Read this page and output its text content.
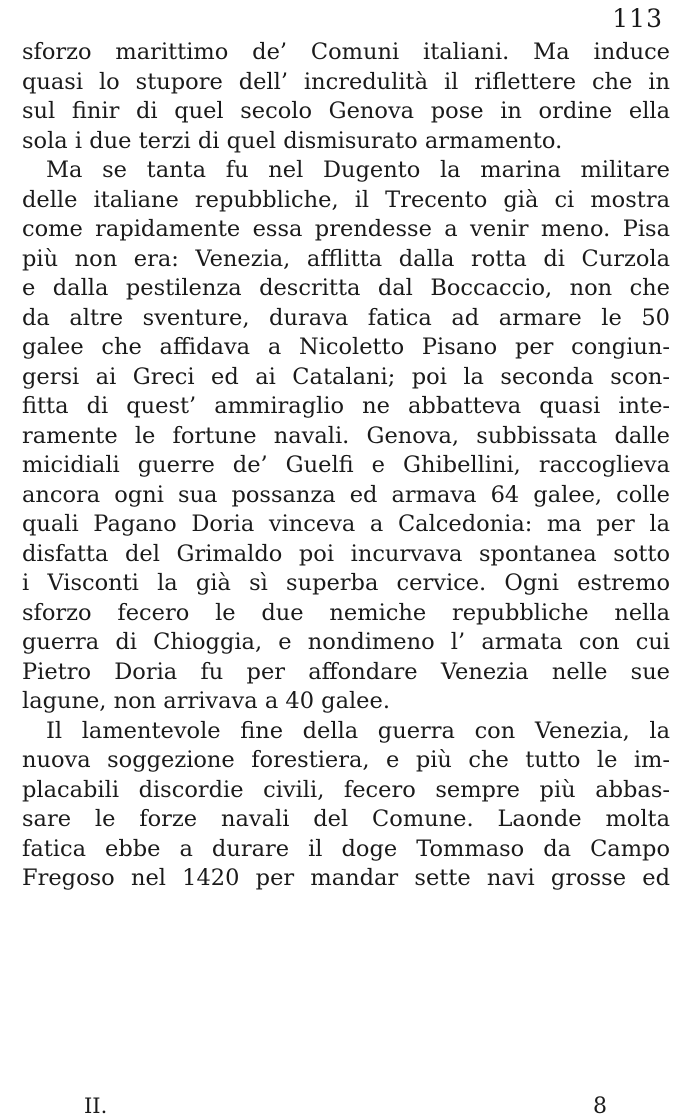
113
sforzo marittimo de’ Comuni italiani. Ma induce
quasi lo stupore dell’ incredulità il riflettere che in
sul finir di quel secolo Genova pose in ordine ella
sola i due terzi di quel dismisurato armamento.
Ma se tanta fu nel Dugento la marina militare
delle italiane repubbliche, il Trecento già ci mostra
come rapidamente essa prendesse a venir meno. Pisa
più non era: Venezia, afflitta dalla rotta di Curzola
e dalla pestilenza descritta dal Boccaccio, non che
da altre sventure, durava fatica ad armare le 50
galee che affidava a Nicoletto Pisano per congiun-
gersi ai Greci ed ai Catalani; poi la seconda scon-
fitta di quest’ ammiraglio ne abbatteva quasi inte-
ramente le fortune navali. Genova, subbissata dalle
micidiali guerre de’ Guelfi e Ghibellini, raccoglieva
ancora ogni sua possanza ed armava 64 galee, colle
quali Pagano Doria vinceva a Calcedonia: ma per la
disfatta del Grimaldo poi incurvava spontanea sotto
i Visconti la già sì superba cervice. Ogni estremo
sforzo fecero le due nemiche repubbliche nella
guerra di Chioggia, e nondimeno l’ armata con cui
Pietro Doria fu per affondare Venezia nelle sue
lagune, non arrivava a 40 galee.
Il lamentevole fine della guerra con Venezia, la
nuova soggezione forestiera, e più che tutto le im-
placabili discordie civili, fecero sempre più abbas-
sare le forze navali del Comune. Laonde molta
fatica ebbe a durare il doge Tommaso da Campo
Fregoso nel 1420 per mandar sette navi grosse ed
II.	8
